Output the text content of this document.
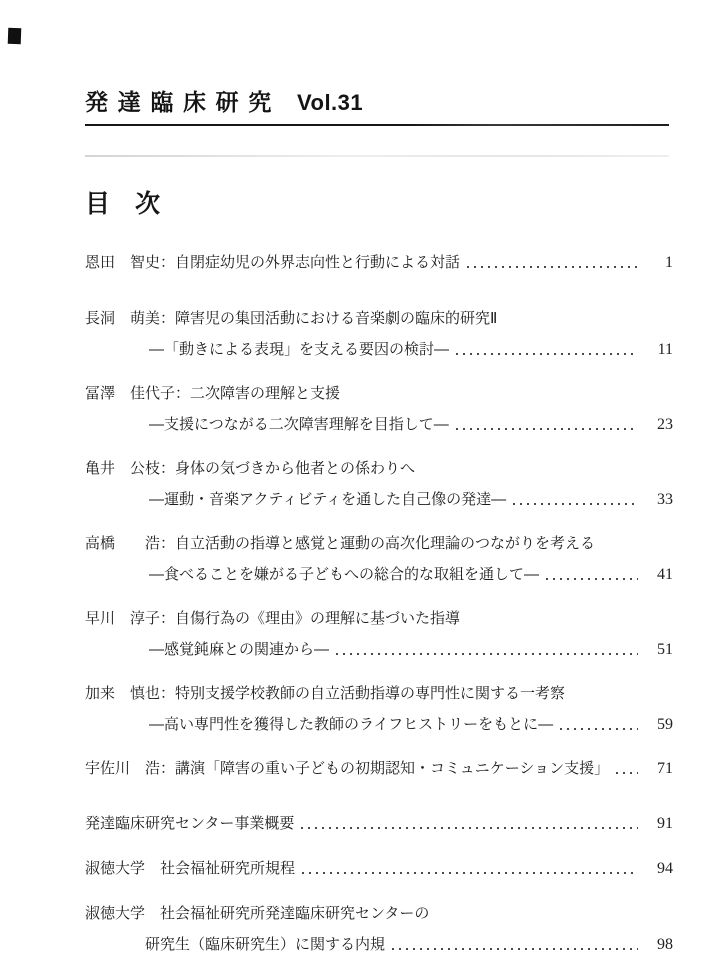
発達臨床研究 Vol.31
目　次
恩田　智史 ： 自閉症幼児の外界志向性と行動による対話	1
長洞　萌美 ： 障害児の集団活動における音楽劇の臨床的研究Ⅱ
―「動きによる表現」を支える要因の検討―	11
冨澤　佳代子 ： 二次障害の理解と支援
―支援につながる二次障害理解を目指して―	23
亀井　公枝 ： 身体の気づきから他者との係わりへ
―運動・音楽アクティビティを通した自己像の発達―	33
高橋　　浩 ： 自立活動の指導と感覚と運動の高次化理論のつながりを考える
―食べることを嫌がる子どもへの総合的な取組を通して―	41
早川　淳子 ： 自傷行為の《理由》の理解に基づいた指導
―感覚鈍麻との関連から―	51
加来　慎也 ： 特別支援学校教師の自立活動指導の専門性に関する一考察
―高い専門性を獲得した教師のライフヒストリーをもとに―	59
宇佐川　浩 ： 講演「障害の重い子どもの初期認知・コミュニケーション支援」	71
発達臨床研究センター事業概要	91
淑徳大学　社会福祉研究所規程	94
淑徳大学　社会福祉研究所発達臨床研究センターの
研究生（臨床研究生）に関する内規	98
